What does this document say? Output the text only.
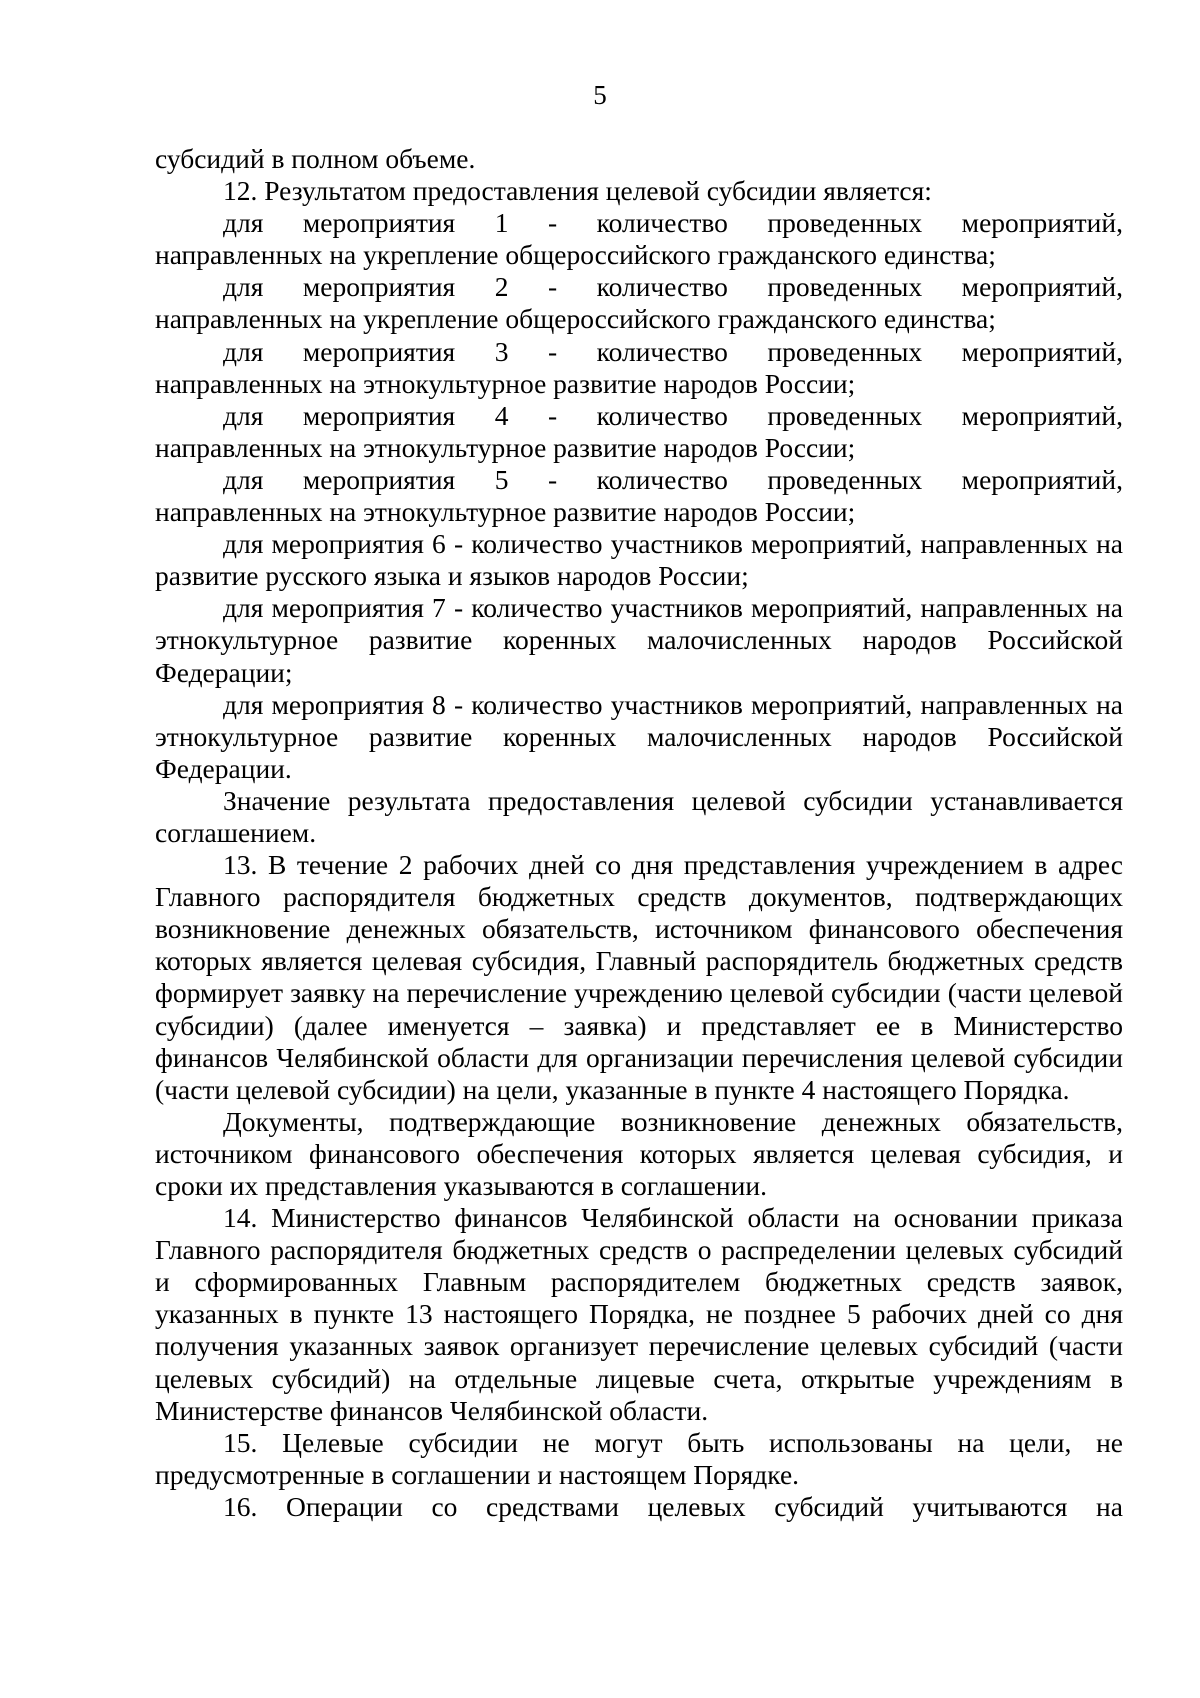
5

субсидий в полном объеме.

12. Результатом предоставления целевой субсидии является:

для мероприятия 1 - количество проведенных мероприятий,

направленных на укрепление общероссийского гражданского единства;

для мероприятия 2 - количество проведенных мероприятий,

направленных на укрепление общероссийского гражданского единства;

для мероприятия 3 - количество проведенных мероприятий,

направленных на этнокультурное развитие народов России;

для мероприятия 4 - количество проведенных мероприятий,

направленных на этнокультурное развитие народов России;

для мероприятия 5 - количество проведенных мероприятий,

направленных на этнокультурное развитие народов России;

для мероприятия 6 - количество участников мероприятий, направленных на развитие русского языка и языков народов России;

для мероприятия 7 - количество участников мероприятий, направленных на этнокультурное развитие коренных малочисленных народов Российской Федерации;

для мероприятия 8 - количество участников мероприятий, направленных на этнокультурное развитие коренных малочисленных народов Российской Федерации.

Значение результата предоставления целевой субсидии устанавливается соглашением.

13. В течение 2 рабочих дней со дня представления учреждением в адрес Главного распорядителя бюджетных средств документов, подтверждающих возникновение денежных обязательств, источником финансового обеспечения которых является целевая субсидия, Главный распорядитель бюджетных средств формирует заявку на перечисление учреждению целевой субсидии (части целевой субсидии) (далее именуется – заявка) и представляет ее в Министерство финансов Челябинской области для организации перечисления целевой субсидии (части целевой субсидии) на цели, указанные в пункте 4 настоящего Порядка.

Документы, подтверждающие возникновение денежных обязательств, источником финансового обеспечения которых является целевая субсидия, и сроки их представления указываются в соглашении.

14. Министерство финансов Челябинской области на основании приказа Главного распорядителя бюджетных средств о распределении целевых субсидий и сформированных Главным распорядителем бюджетных средств заявок, указанных в пункте 13 настоящего Порядка, не позднее 5 рабочих дней со дня получения указанных заявок организует перечисление целевых субсидий (части целевых субсидий) на отдельные лицевые счета, открытые учреждениям в Министерстве финансов Челябинской области.

15. Целевые субсидии не могут быть использованы на цели, не предусмотренные в соглашении и настоящем Порядке.

16. Операции со средствами целевых субсидий учитываются на
